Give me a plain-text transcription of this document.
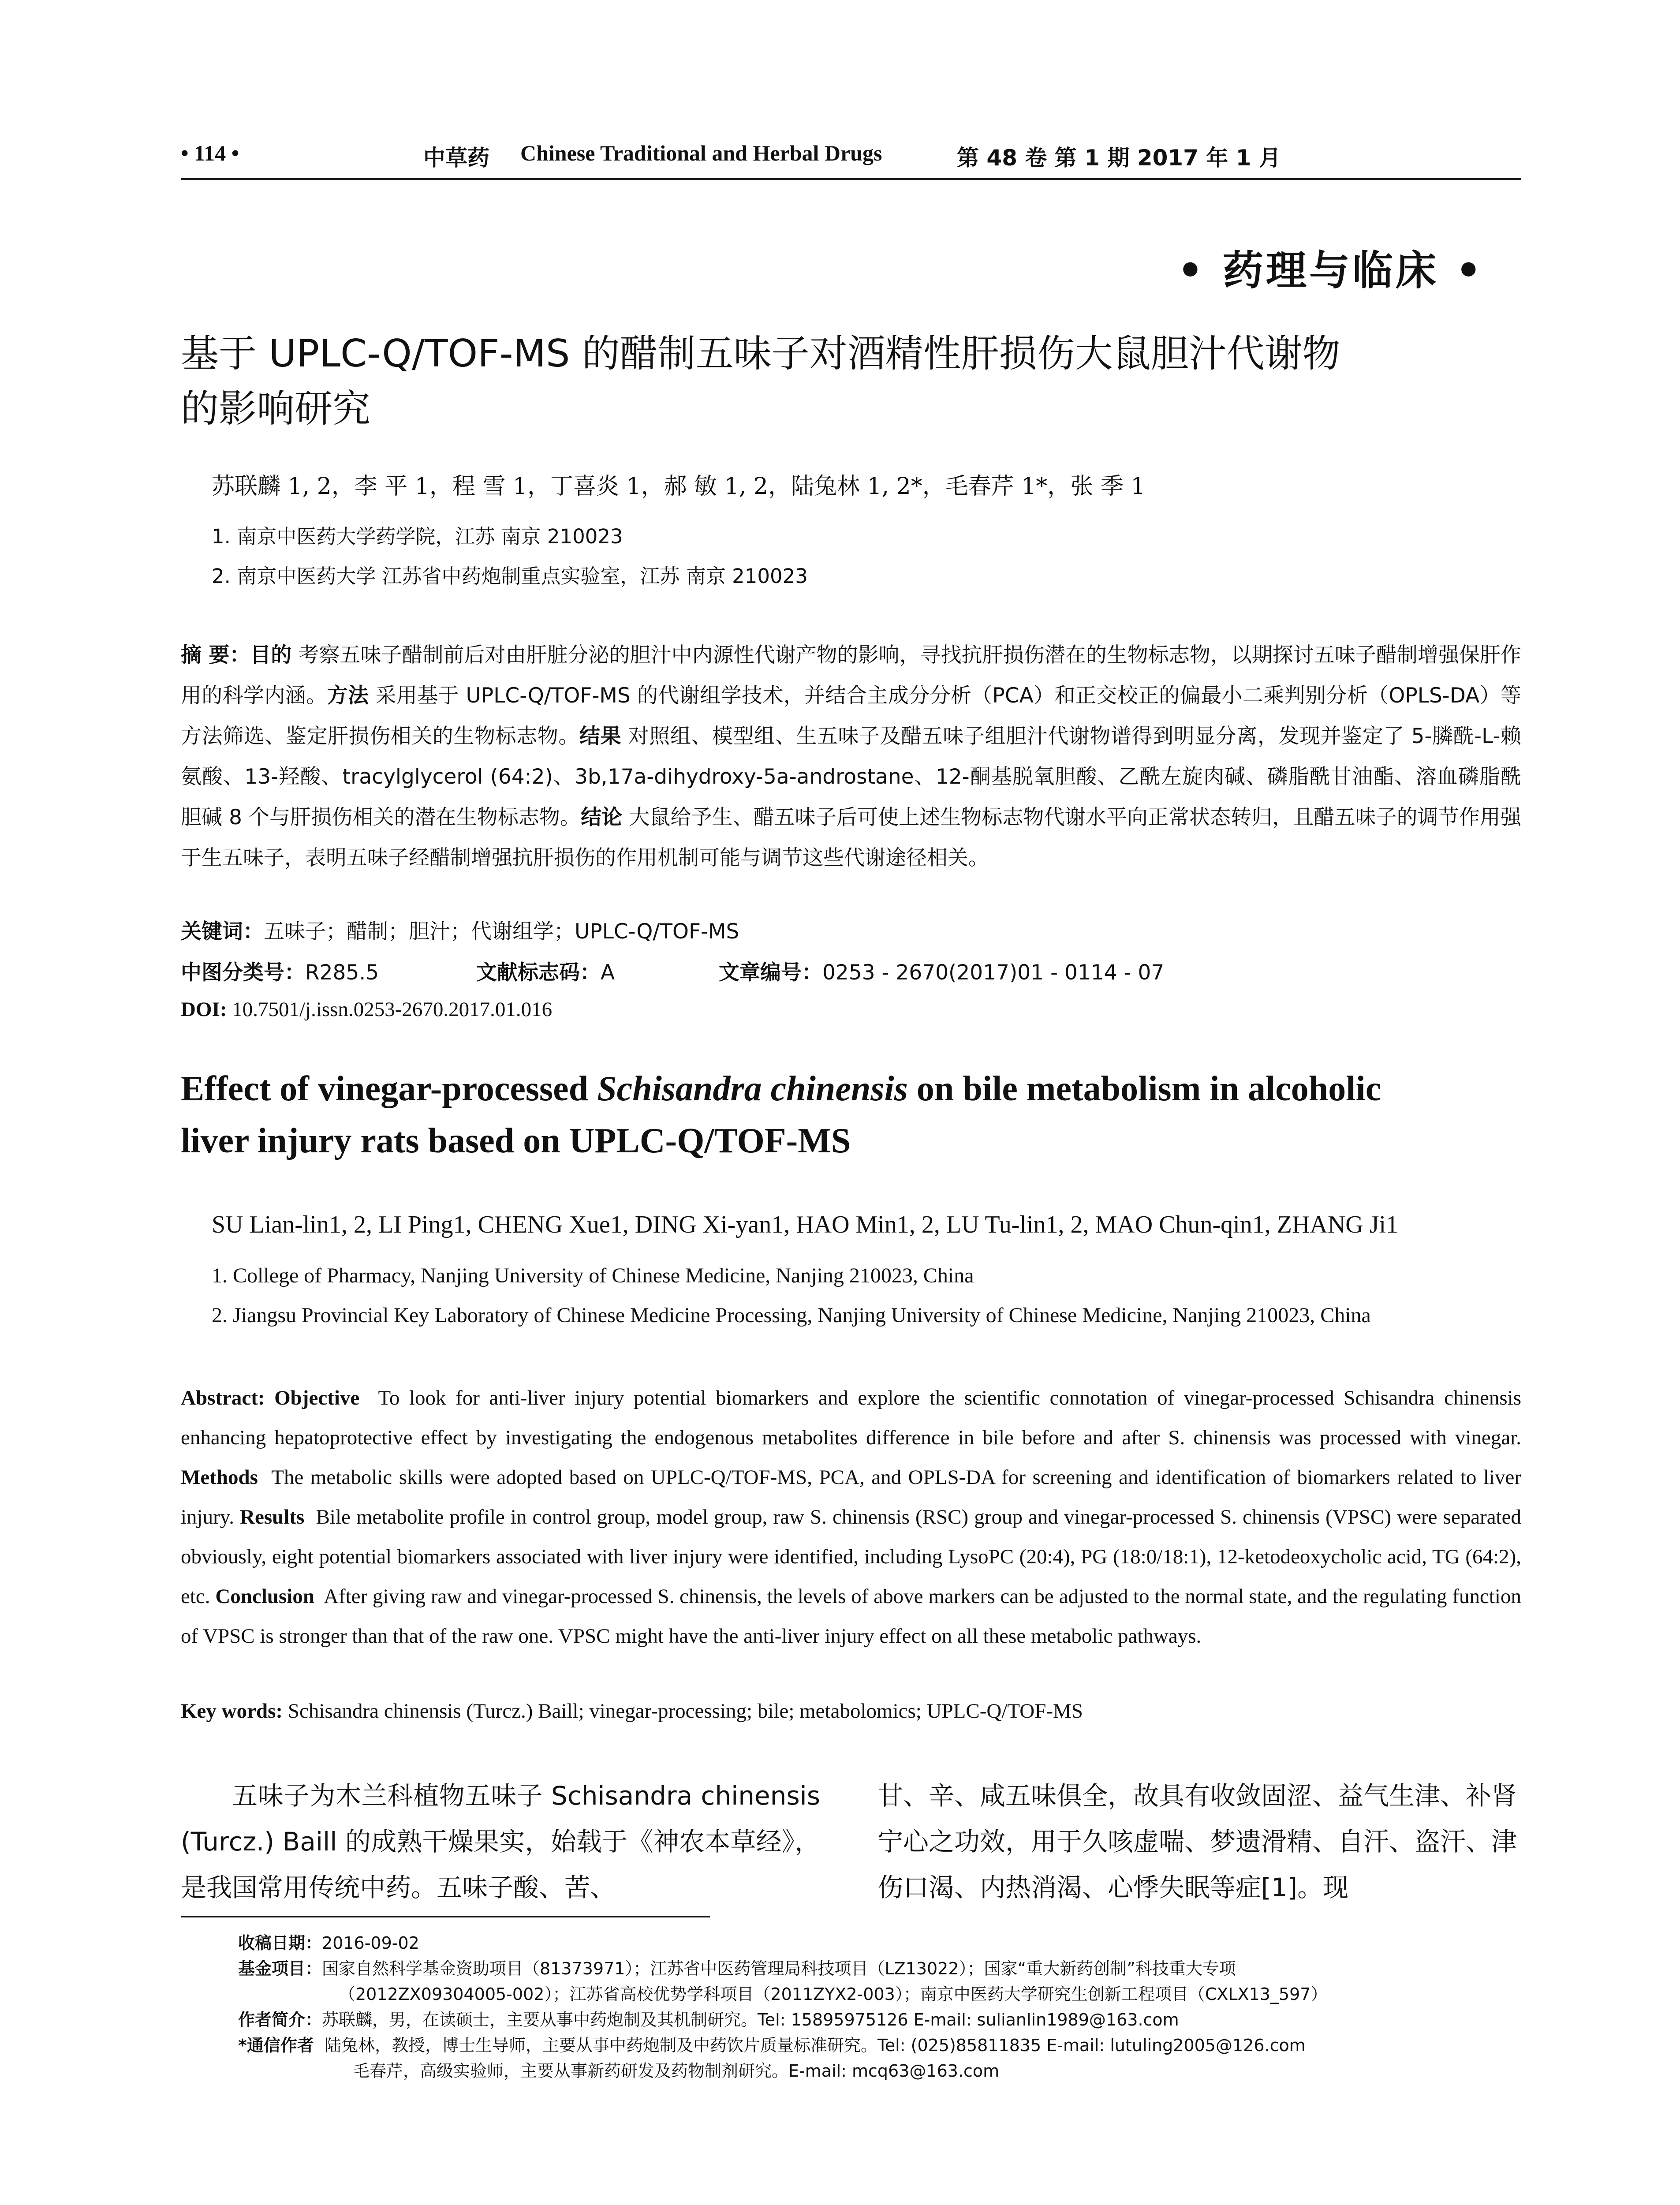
• 114 •	中草药 Chinese Traditional and Herbal Drugs	第 48 卷 第 1 期 2017 年 1 月
• 药理与临床 •
基于 UPLC-Q/TOF-MS 的醋制五味子对酒精性肝损伤大鼠胆汁代谢物
的影响研究
苏联麟 1, 2，李 平 1，程 雪 1，丁喜炎 1，郝 敏 1, 2，陆兔林 1, 2*，毛春芹 1*，张 季 1
1. 南京中医药大学药学院，江苏 南京 210023
2. 南京中医药大学 江苏省中药炮制重点实验室，江苏 南京 210023
摘 要：目的 考察五味子醋制前后对由肝脏分泌的胆汁中内源性代谢产物的影响，寻找抗肝损伤潜在的生物标志物，以期探讨五味子醋制增强保肝作用的科学内涵。方法 采用基于 UPLC-Q/TOF-MS 的代谢组学技术，并结合主成分分析（PCA）和正交校正的偏最小二乘判别分析（OPLS-DA）等方法筛选、鉴定肝损伤相关的生物标志物。结果 对照组、模型组、生五味子及醋五味子组胆汁代谢物谱得到明显分离，发现并鉴定了 5-膦酰-L-赖氨酸、13-羟酸、tracylglycerol (64:2)、3b,17a-dihydroxy-5a-androstane、12-酮基脱氧胆酸、乙酰左旋肉碱、磷脂酰甘油酯、溶血磷脂酰胆碱 8 个与肝损伤相关的潜在生物标志物。结论 大鼠给予生、醋五味子后可使上述生物标志物代谢水平向正常状态转归，且醋五味子的调节作用强于生五味子，表明五味子经醋制增强抗肝损伤的作用机制可能与调节这些代谢途径相关。
关键词：五味子；醋制；胆汁；代谢组学；UPLC-Q/TOF-MS
中图分类号：R285.5	文献标志码：A	文章编号：0253 - 2670(2017)01 - 0114 - 07
DOI: 10.7501/j.issn.0253-2670.2017.01.016
Effect of vinegar-processed Schisandra chinensis on bile metabolism in alcoholic
liver injury rats based on UPLC-Q/TOF-MS
SU Lian-lin1, 2, LI Ping1, CHENG Xue1, DING Xi-yan1, HAO Min1, 2, LU Tu-lin1, 2, MAO Chun-qin1, ZHANG Ji1
1. College of Pharmacy, Nanjing University of Chinese Medicine, Nanjing 210023, China
2. Jiangsu Provincial Key Laboratory of Chinese Medicine Processing, Nanjing University of Chinese Medicine, Nanjing 210023, China
Abstract: Objective To look for anti-liver injury potential biomarkers and explore the scientific connotation of vinegar-processed Schisandra chinensis enhancing hepatoprotective effect by investigating the endogenous metabolites difference in bile before and after S. chinensis was processed with vinegar. Methods The metabolic skills were adopted based on UPLC-Q/TOF-MS, PCA, and OPLS-DA for screening and identification of biomarkers related to liver injury. Results Bile metabolite profile in control group, model group, raw S. chinensis (RSC) group and vinegar-processed S. chinensis (VPSC) were separated obviously, eight potential biomarkers associated with liver injury were identified, including LysoPC (20:4), PG (18:0/18:1), 12-ketodeoxycholic acid, TG (64:2), etc. Conclusion After giving raw and vinegar-processed S. chinensis, the levels of above markers can be adjusted to the normal state, and the regulating function of VPSC is stronger than that of the raw one. VPSC might have the anti-liver injury effect on all these metabolic pathways.
Key words: Schisandra chinensis (Turcz.) Baill; vinegar-processing; bile; metabolomics; UPLC-Q/TOF-MS
五味子为木兰科植物五味子 Schisandra chinensis (Turcz.) Baill 的成熟干燥果实，始载于《神农本草经》，是我国常用传统中药。五味子酸、苦、
甘、辛、咸五味俱全，故具有收敛固涩、益气生津、补肾宁心之功效，用于久咳虚喘、梦遗滑精、自汗、盗汗、津伤口渴、内热消渴、心悸失眠等症[1]。现
收稿日期：2016-09-02
基金项目：国家自然科学基金资助项目（81373971）；江苏省中医药管理局科技项目（LZ13022）；国家“重大新药创制”科技重大专项
（2012ZX09304005-002）；江苏省高校优势学科项目（2011ZYX2-003）；南京中医药大学研究生创新工程项目（CXLX13_597）
作者简介：苏联麟，男，在读硕士，主要从事中药炮制及其机制研究。Tel: 15895975126 E-mail: sulianlin1989@163.com
*通信作者 陆兔林，教授，博士生导师，主要从事中药炮制及中药饮片质量标准研究。Tel: (025)85811835 E-mail: lutuling2005@126.com
毛春芹，高级实验师，主要从事新药研发及药物制剂研究。E-mail: mcq63@163.com
